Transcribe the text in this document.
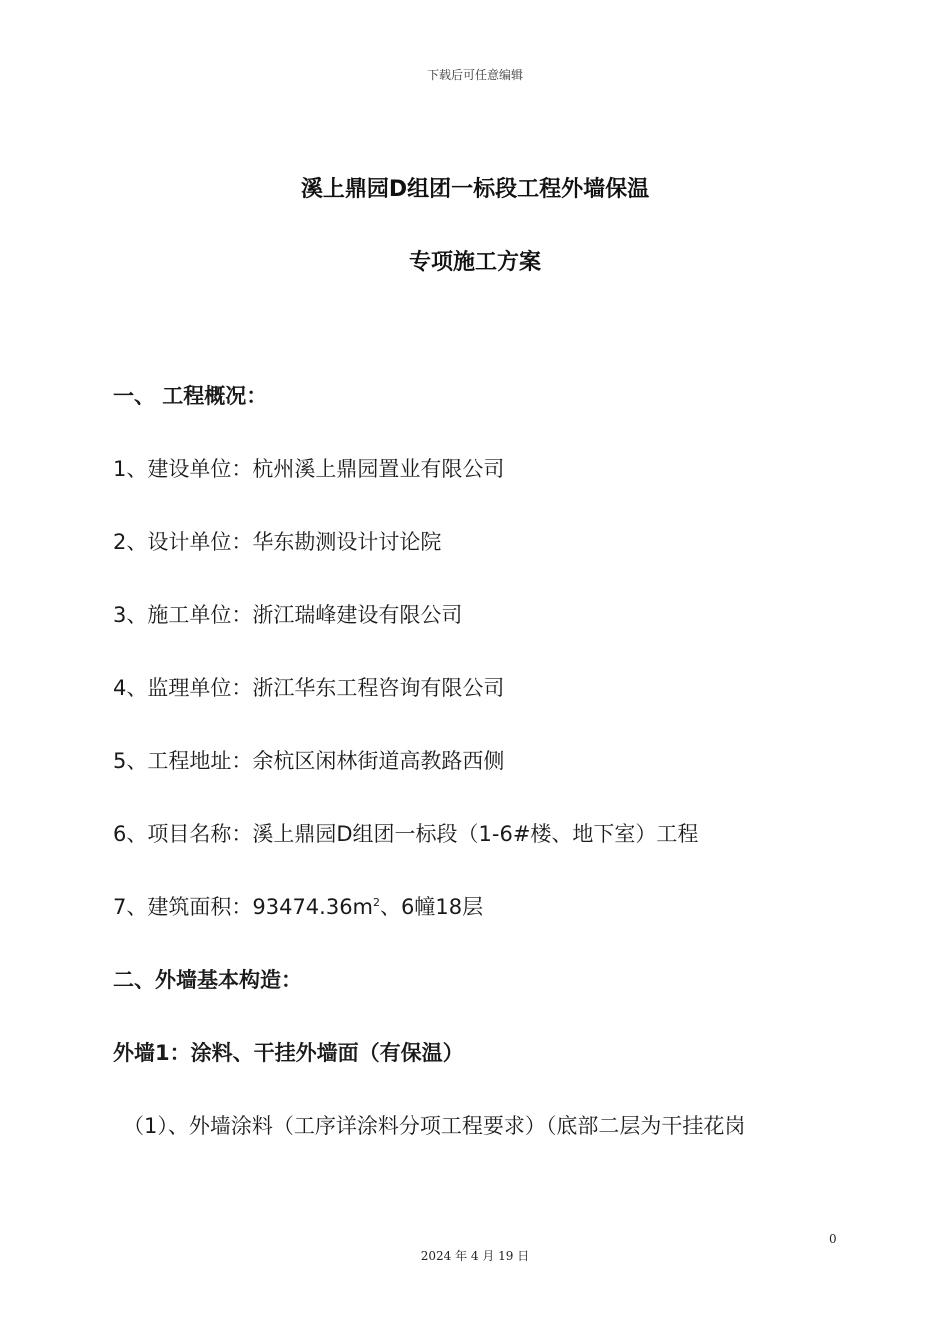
下载后可任意编辑
溪上鼎园D组团一标段工程外墙保温
专项施工方案
一、 工程概况：
1、建设单位：杭州溪上鼎园置业有限公司
2、设计单位：华东勘测设计讨论院
3、施工单位：浙江瑞峰建设有限公司
4、监理单位：浙江华东工程咨询有限公司
5、工程地址：余杭区闲林街道高教路西侧
6、项目名称：溪上鼎园D组团一标段（1-6#楼、地下室）工程
7、建筑面积：$93474.36m^2$、6幢18层
二、外墙基本构造：
外墙1：涂料、干挂外墙面（有保温）
（1）、外墙涂料（工序详涂料分项工程要求）（底部二层为干挂花岗
0
2024 年 4 月 19 日
